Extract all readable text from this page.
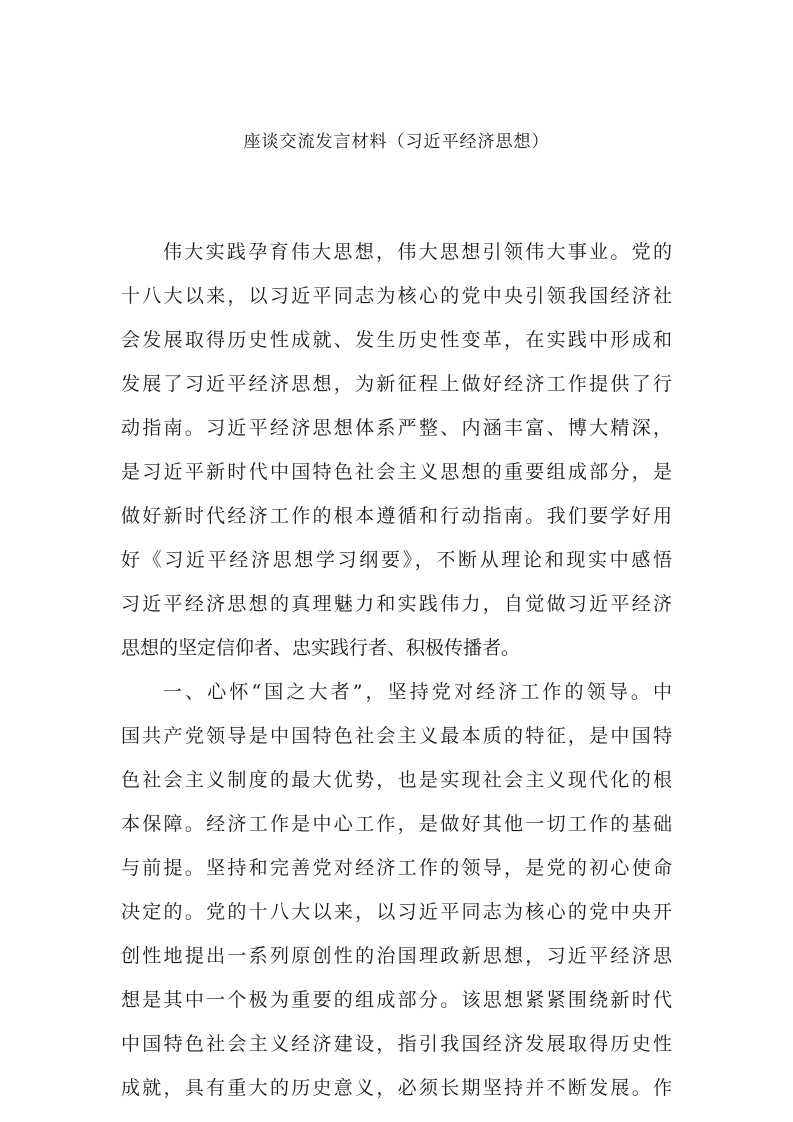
座谈交流发言材料（习近平经济思想）
伟大实践孕育伟大思想，伟大思想引领伟大事业。党的
十八大以来，以习近平同志为核心的党中央引领我国经济社
会发展取得历史性成就、发生历史性变革，在实践中形成和
发展了习近平经济思想，为新征程上做好经济工作提供了行
动指南。习近平经济思想体系严整、内涵丰富、博大精深，
是习近平新时代中国特色社会主义思想的重要组成部分，是
做好新时代经济工作的根本遵循和行动指南。我们要学好用
好《习近平经济思想学习纲要》，不断从理论和现实中感悟
习近平经济思想的真理魅力和实践伟力，自觉做习近平经济
思想的坚定信仰者、忠实践行者、积极传播者。
一、心怀“国之大者”，坚持党对经济工作的领导。中
国共产党领导是中国特色社会主义最本质的特征，是中国特
色社会主义制度的最大优势，也是实现社会主义现代化的根
本保障。经济工作是中心工作，是做好其他一切工作的基础
与前提。坚持和完善党对经济工作的领导，是党的初心使命
决定的。党的十八大以来，以习近平同志为核心的党中央开
创性地提出一系列原创性的治国理政新思想，习近平经济思
想是其中一个极为重要的组成部分。该思想紧紧围绕新时代
中国特色社会主义经济建设，指引我国经济发展取得历史性
成就，具有重大的历史意义，必须长期坚持并不断发展。作
